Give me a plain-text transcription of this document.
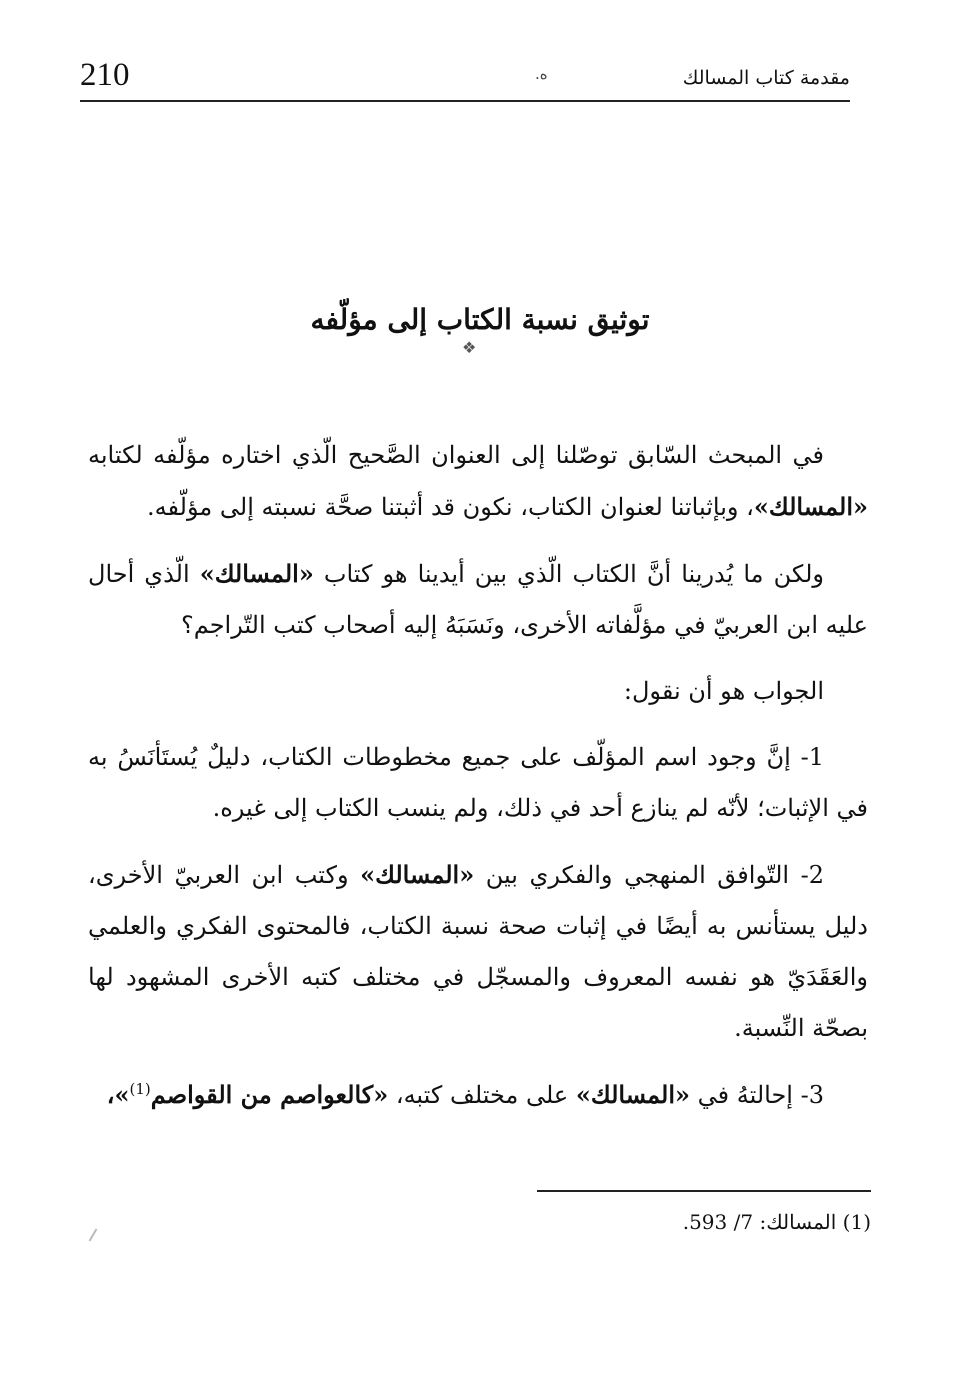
210	ه.	مقدمة كتاب المسالك
توثيق نسبة الكتاب إلى مؤلّفه
❖

في المبحث السّابق توصّلنا إلى العنوان الصَّحيح الّذي اختاره مؤلّفه لكتابه «المسالك»، وبإثباتنا لعنوان الكتاب، نكون قد أثبتنا صحَّة نسبته إلى مؤلّفه.

ولكن ما يُدرينا أنَّ الكتاب الّذي بين أيدينا هو كتاب «المسالك» الّذي أحال عليه ابن العربيّ في مؤلَّفاته الأخرى، ونَسَبَهُ إليه أصحاب كتب التّراجم؟

الجواب هو أن نقول:

1- إنَّ وجود اسم المؤلّف على جميع مخطوطات الكتاب، دليلٌ يُستَأنَسُ به في الإثبات؛ لأنّه لم ينازع أحد في ذلك، ولم ينسب الكتاب إلى غيره.

2- التّوافق المنهجي والفكري بين «المسالك» وكتب ابن العربيّ الأخرى، دليل يستأنس به أيضًا في إثبات صحة نسبة الكتاب، فالمحتوى الفكري والعلمي والعَقَدَيّ هو نفسه المعروف والمسجّل في مختلف كتبه الأخرى المشهود لها بصحّة النِّسبة.

3- إحالتهُ في «المسالك» على مختلف كتبه، «كالعواصم من القواصم$^{(1)}$»،

(1) المسالك: 7/ 593.
